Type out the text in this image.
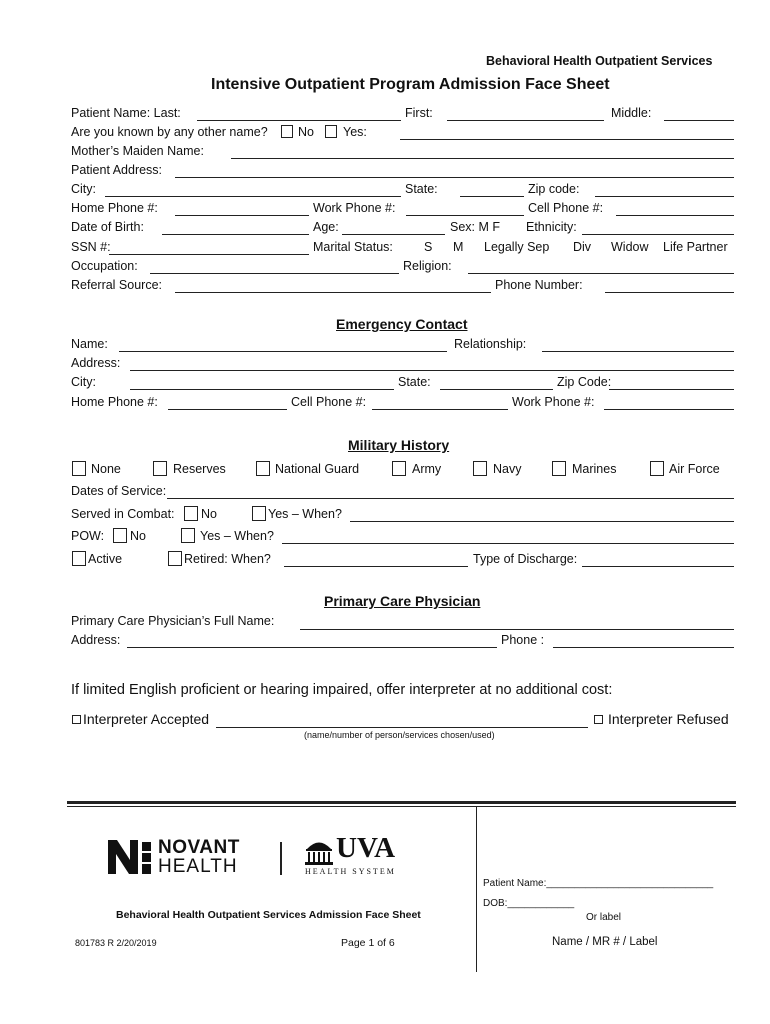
Behavioral Health Outpatient Services
Intensive Outpatient Program Admission Face Sheet
Patient Name: Last:	First:	Middle:
Are you known by any other name? No Yes:
Mother’s Maiden Name:
Patient Address:
City:	State:	Zip code:
Home Phone #:	Work Phone #:	Cell Phone #:
Date of Birth:	Age:	Sex: M F Ethnicity:
SSN #:	Marital Status: S M Legally Sep Div Widow Life Partner
Occupation:	Religion:
Referral Source:	Phone Number:
Emergency Contact
Name:	Relationship:
Address:
City:	State:	Zip Code:
Home Phone #:	Cell Phone #:	Work Phone #:
Military History
None	Reserves	National Guard	Army	Navy	Marines	Air Force
Dates of Service:
Served in Combat: No	Yes – When?
POW: No	Yes – When?
Active	Retired: When?	Type of Discharge:
Primary Care Physician
Primary Care Physician’s Full Name:
Address:	Phone :
If limited English proficient or hearing impaired, offer interpreter at no additional cost:
Interpreter Accepted	Interpreter Refused
(name/number of person/services chosen/used)
NOVANT
HEALTH
UVA
HEALTH SYSTEM
Behavioral Health Outpatient Services Admission Face Sheet
801783 R 2/20/2019	Page 1 of 6
Patient Name:______________________________
DOB:____________
Or label
Name / MR # / Label
